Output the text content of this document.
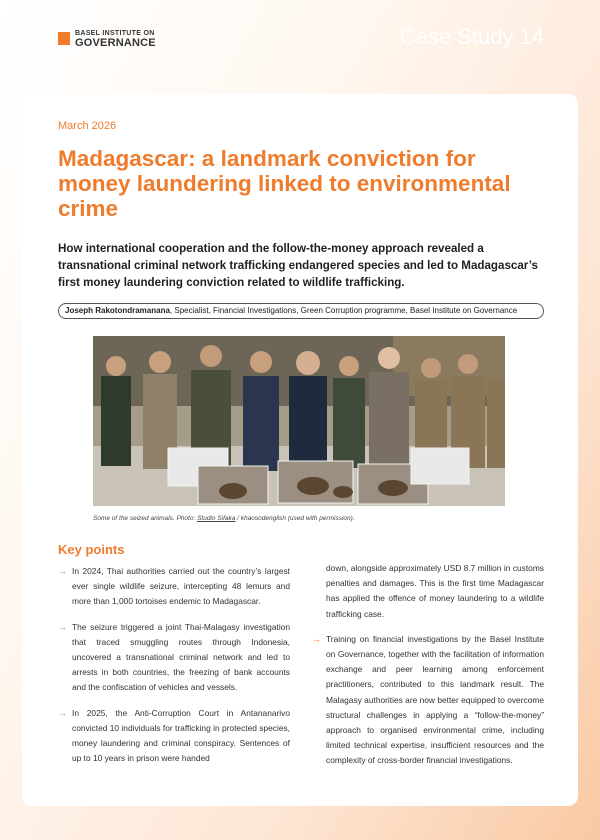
BASEL INSTITUTE ON
GOVERNANCE	Case Study 14
March 2026
Madagascar: a landmark conviction for money laundering linked to environmental crime

How international cooperation and the follow-the-money approach revealed a transnational criminal network trafficking endangered species and led to Madagascar’s first money laundering conviction related to wildlife trafficking.

Joseph Rakotondramanana, Specialist, Financial Investigations, Green Corruption programme, Basel Institute on Governance
Some of the seized animals. Photo: Studio Sifaka / khaosodenglish (used with permission).
Key points
→ In 2024, Thai authorities carried out the country’s largest ever single wildlife seizure, intercepting 48 lemurs and more than 1,000 tortoises endemic to Madagascar.
→ The seizure triggered a joint Thai-Malagasy investigation that traced smuggling routes through Indonesia, uncovered a transnational criminal network and led to arrests in both countries, the freezing of bank accounts and the confiscation of vehicles and vessels.
→ In 2025, the Anti-Corruption Court in Antananarivo convicted 10 individuals for trafficking in protected species, money laundering and criminal conspiracy. Sentences of up to 10 years in prison were handed
down, alongside approximately USD 8.7 million in customs penalties and damages. This is the first time Madagascar has applied the offence of money laundering to a wildlife trafficking case.
→ Training on financial investigations by the Basel Institute on Governance, together with the facilitation of information exchange and peer learning among enforcement practitioners, contributed to this landmark result. The Malagasy authorities are now better equipped to overcome structural challenges in applying a “follow-the-money” approach to organised environmental crime, including limited technical expertise, insufficient resources and the complexity of cross-border financial investigations.
